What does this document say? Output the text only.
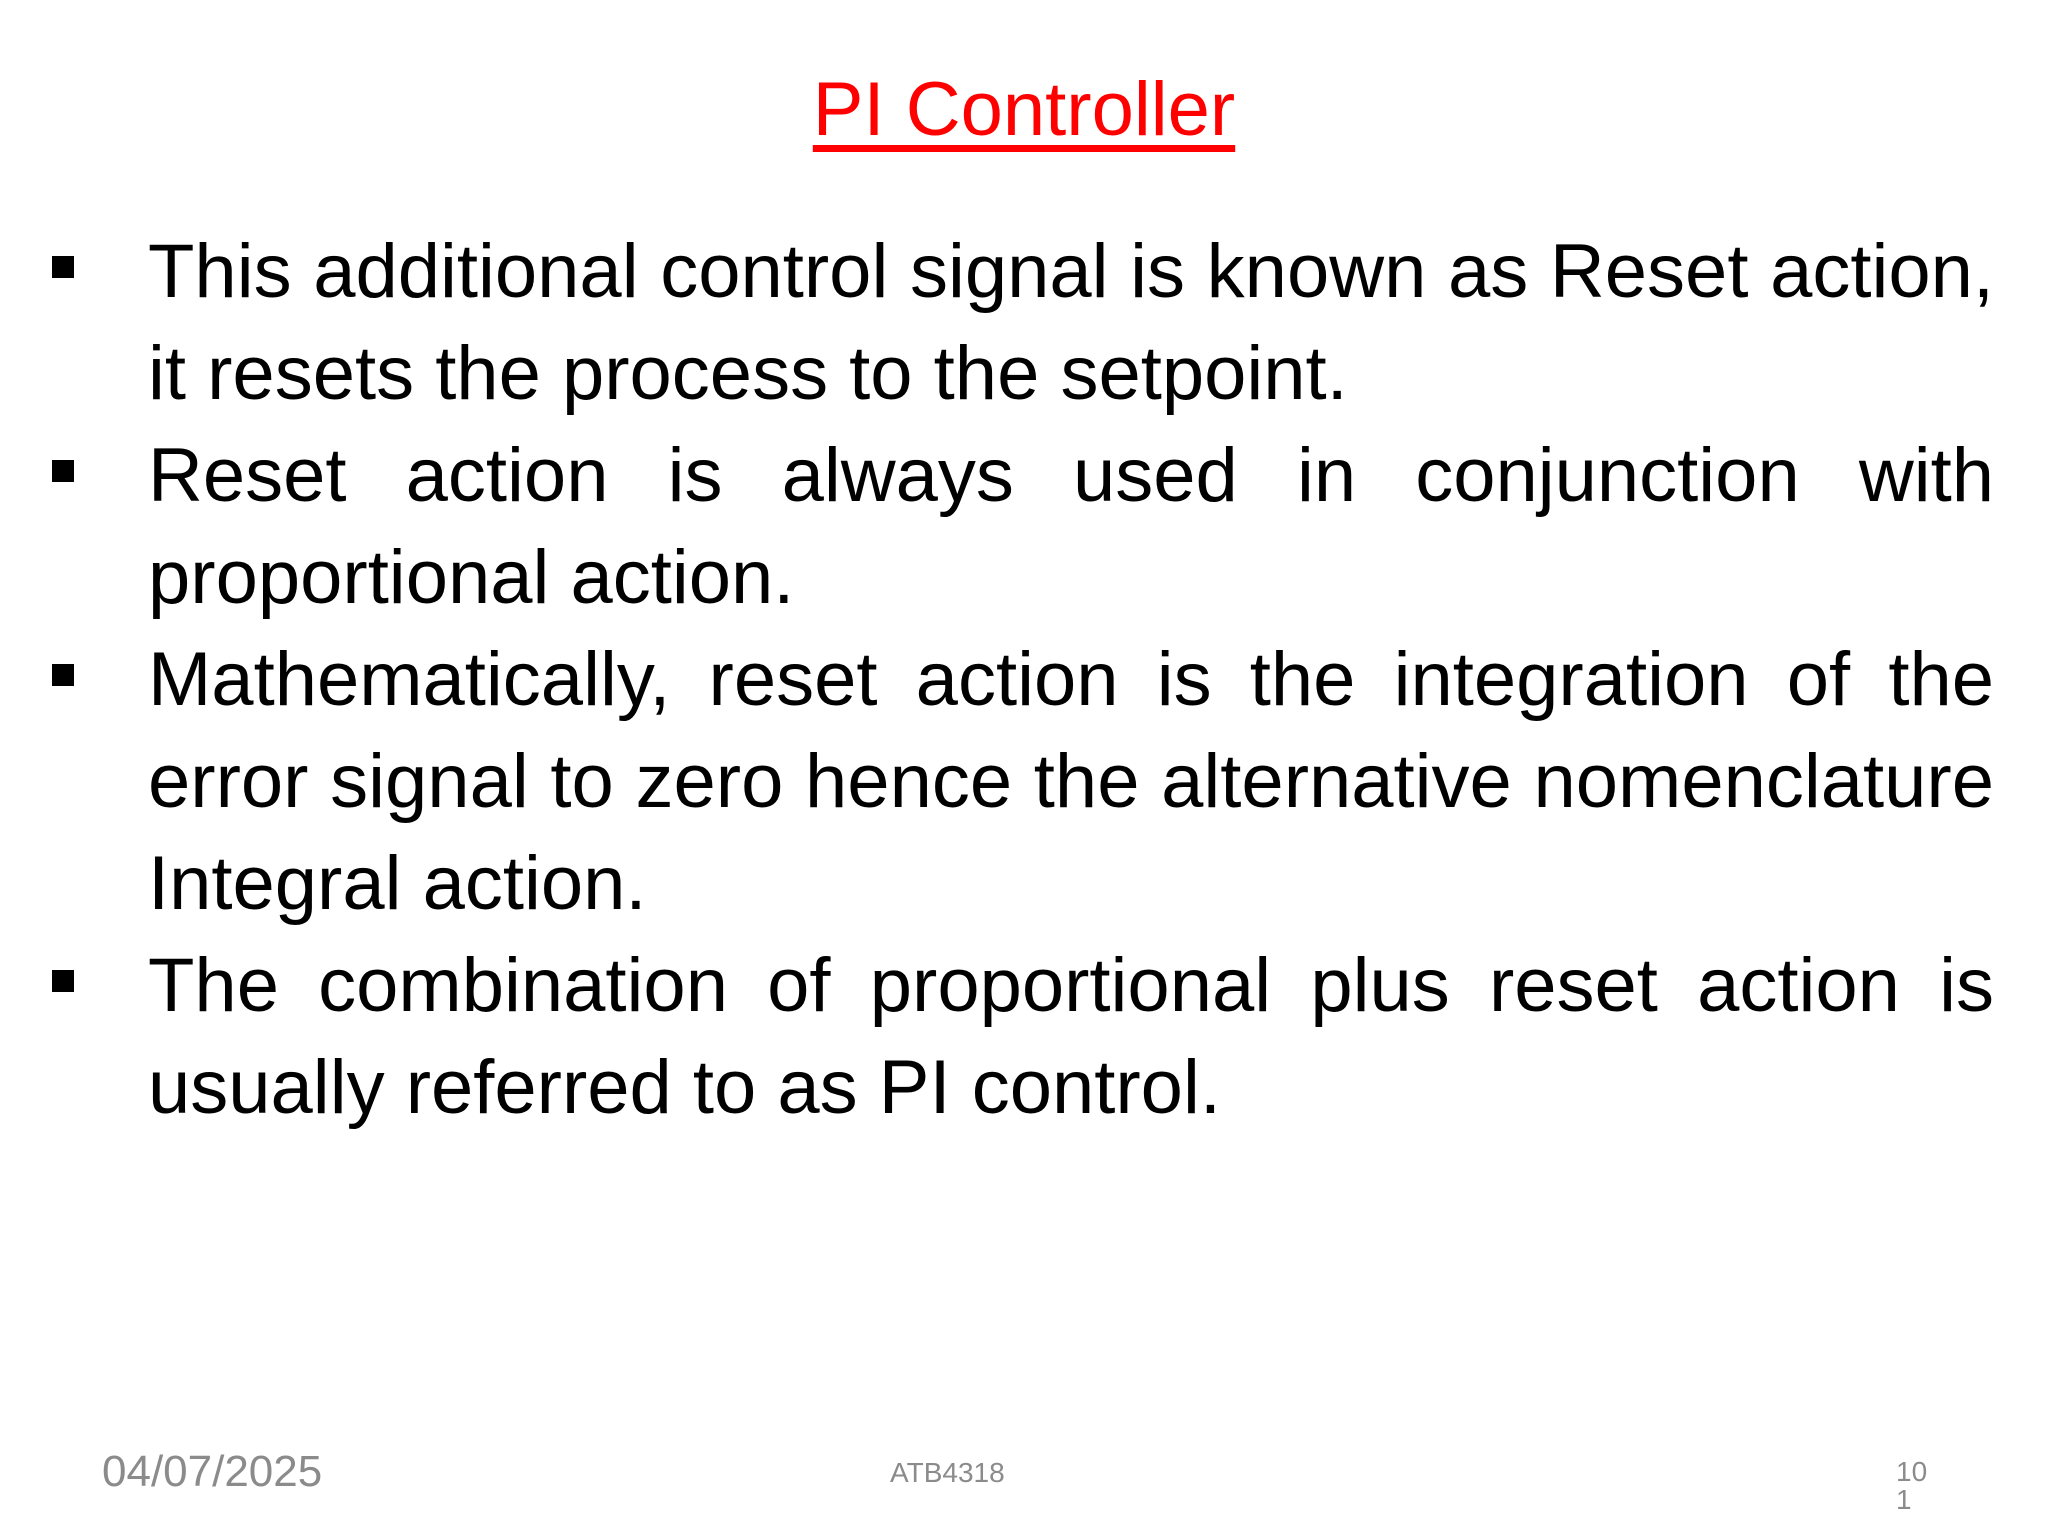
PI Controller
This additional control signal is known as Reset action, it resets the process to the setpoint.
Reset action is always used in conjunction with proportional action.
Mathematically, reset action is the integration of the error signal to zero hence the alternative nomenclature Integral action.
The combination of proportional plus reset action is usually referred to as PI control.
04/07/2025	ATB4318	101
